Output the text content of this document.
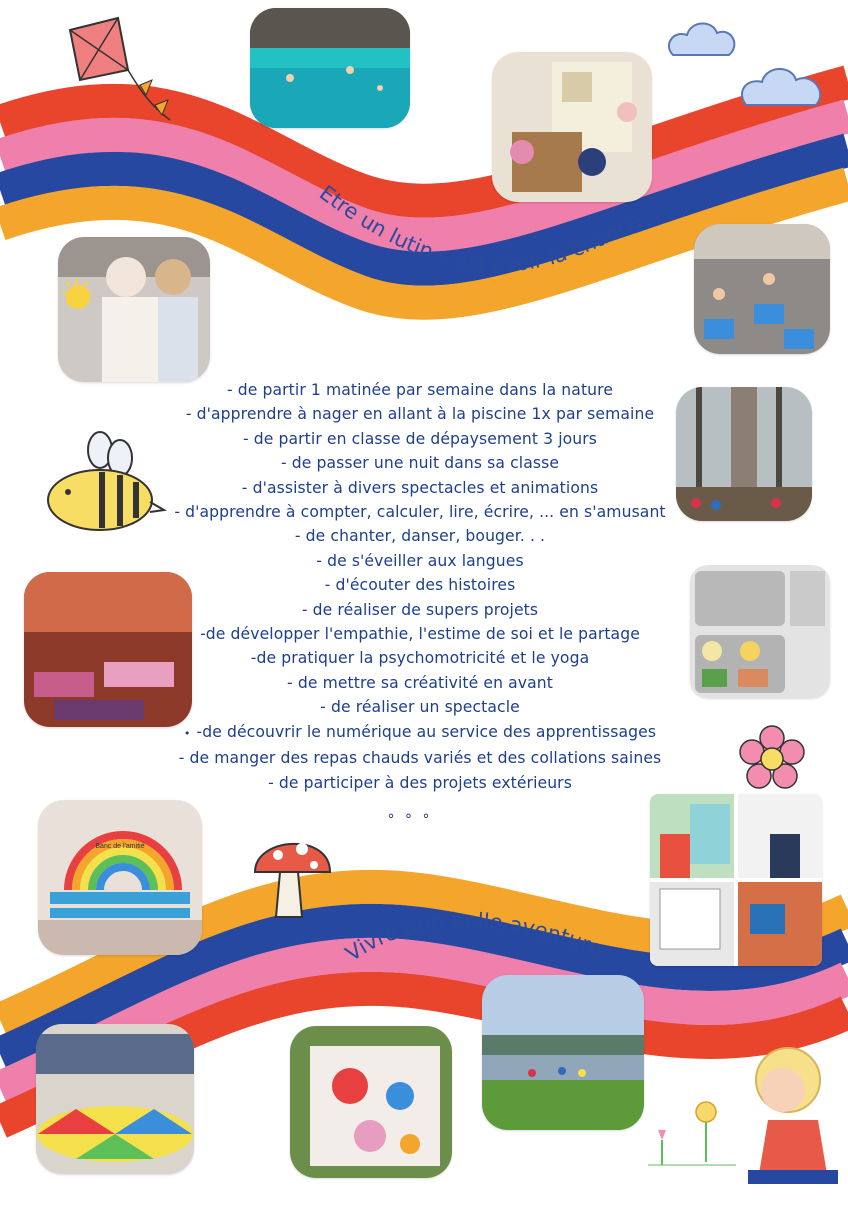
Etre un lutin c'est avoir la chance . . .
Vivre une belle aventure
Banc de l'amitié
- de partir 1 matinée par semaine dans la nature
- d'apprendre à nager en allant à la piscine 1x par semaine
- de partir en classe de dépaysement 3 jours
- de passer une nuit dans sa classe
- d'assister à divers spectacles et animations
- d'apprendre à compter, calculer, lire, écrire, ... en s'amusant
- de chanter, danser, bouger. . .
- de s'éveiller aux langues
- d'écouter des histoires
- de réaliser de supers projets
-de développer l'empathie, l'estime de soi et le partage
-de pratiquer la psychomotricité et le yoga
- de mettre sa créativité en avant
- de réaliser un spectacle
• -de découvrir le numérique au service des apprentissages
- de manger des repas chauds variés et des collations saines
- de participer à des projets extérieurs
° ° °
